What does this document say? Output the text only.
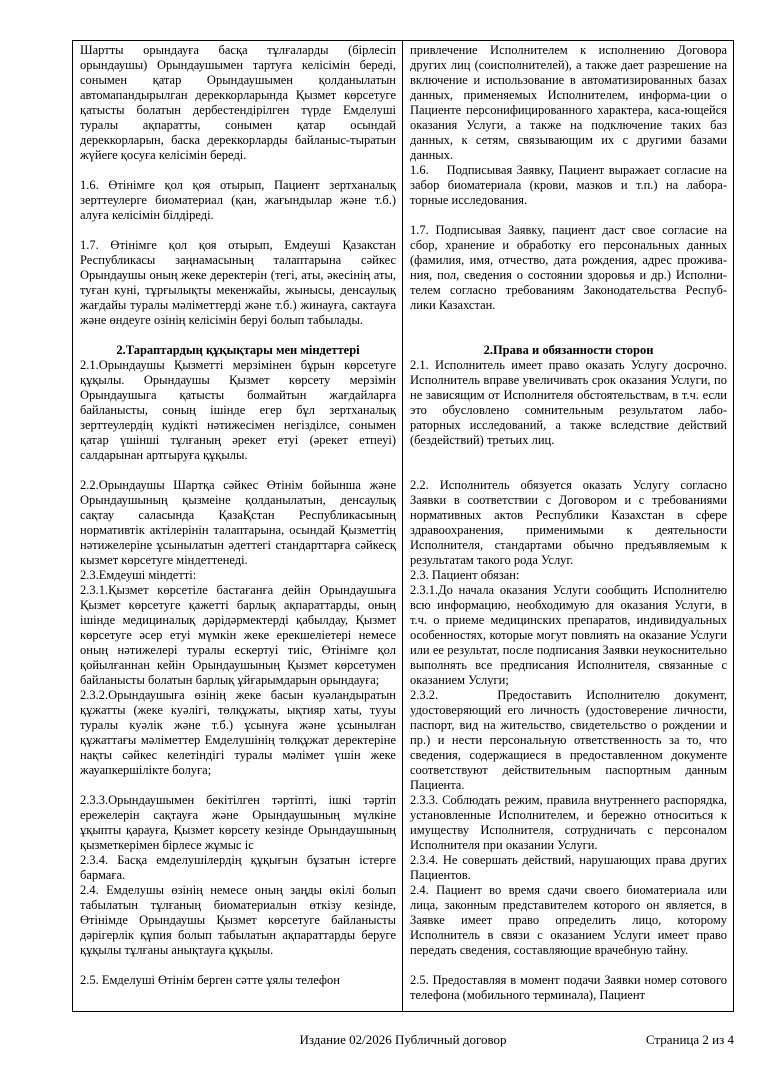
Шартты орындауға басқа тұлғаларды (бірлесіп орындаушы) Орындаушымен тартуға келісімін береді, сонымен қатар Орындаушымен қолданылатын автомапандырылган дереккорларында Қызмет көрсетуге қатысты болатын дербестендірілген түрде Емделуші туралы ақпаратты, сонымен қатар осындай дереккорларын, баска дереккорларды байланыс-тыратын жүйеге қосуға келісімін береді.

1.6. Өтінімге қол қоя отырып, Пациент зертханалық зерттеулерге биоматериал (қан, жағындылар және т.б.) алуға келісімін білдіреді.

1.7. Өтінімге қол қоя отырып, Емдеуші Қазакстан Республикасы заңнамасының талаптарына сәйкес Орындаушы оның жеке деректерін (тегі, аты, әкесінің аты, туған куні, тұрғылықты мекенжайы, жынысы, денсаулық жағдайы туралы мәліметтерді және т.б.) жинауға, сактауға және өндеуге озінің келісімін беруі болып табылады.

2.Тараптардың құқықтары мен міндеттері

2.1.Орындаушы Қызметті мерзімінен бұрын көрсетуге құқылы. Орындаушы Қызмет көрсету мерзімін Орындаушыга қатысты болмайтын жағдайларға байланысты, соның ішінде егер бұл зертханалық зерттеулердің кудікті нәтижесімен негізділсе, сонымен қатар үшінші тұлғаның әрекет етуі (әрекет етпеуі) салдарынан артгыруға құқылы.

2.2.Орындаушы Шартқа сәйкес Өтінім бойынша және Орындаушының қызмеіне қолданылатын, денсаулық сақтау саласында ҚазаҚстан Республикасының нормативтік актілерінін талаптарына, осындай Қызметтің нәтижелеріне ұсынылатын әдеттегі стандарттарға сәйкесқ кызмет көрсетуге міндеттенеді.

2.3.Емдеуші міндетті:

2.3.1.Қызмет көрсетіле бастағанға дейін Орындаушыға Қызмет көрсетуге қажетті барлық ақпараттарды, оның ішінде медициналық дәрідәрмектерді қабылдау, Қызмет көрсетуге әсер етуі мүмкін жеке ерекшеліетері немесе оның нәтижелері туралы ескертуі тиіс, Өтінімге қол қойылғаннан кейін Орындаушының Қызмет көрсетумен байланысты болатын барлық ұйғарымдарын орындауға;

2.3.2.Орындаушыға өзінің жеке басын куәландыратын құжатты (жеке куәлігі, төлқұжаты, ықтияр хаты, тууы туралы куәлік және т.б.) ұсынуға және ұсынылған құжаттағы мәліметтер Емделушінің төлқұжат деректеріне нақты сәйкес келетіндігі туралы мәлімет үшін жеке жауапкершілікте болуға;

2.3.3.Орындаушымен бекітілген тәртіпті, ішкі тәртіп ережелерін сақтауға және Орындаушының мүлкіне ұқыпты қарауға, Қызмет көрсету кезінде Орындаушының қызметкерімен бірлесе жұмыс іс

2.3.4. Басқа емделушілердің құқығын бұзатын істерге бармаға.

2.4. Емделушы өзінің немесе оның заңды өкілі болып табылатын тұлғаның биоматериалын өткізу кезінде, Өтінімде Орындаушы Қызмет көрсетуге байланысты дәрігерлік құпия болып табылатын ақпараттарды беруге құқылы тұлғаны анықтауға құқылы.

2.5. Емделуші Өтінім берген сәтте ұялы телефон

привлечение Исполнителем к исполнению Договора других лиц (соисполнителей), а также дает разрешение на включение и использование в автоматизированных базах данных, применяемых Исполнителем, информа-ции о Пациенте персонифицированного характера, каса-ющейся оказания Услуги, а также на подключение таких баз данных, к сетям, связывающим их с другими базами данных.

1.6.    Подписывая Заявку, Пациент выражает согласие на забор биоматериала (крови, мазков и т.п.) на лабора-торные исследования.

1.7. Подписывая Заявку, пациент даст свое согласие на сбор, хранение и обработку его персональных данных (фамилия, имя, отчество, дата рождения, адрес прожива-ния, пол, сведения о состоянии здоровья и др.) Исполни-телем согласно требованиям Законодательства Респуб-лики Казахстан.

2.Права и обязанности сторон

2.1. Исполнитель имеет право оказать Услугу досрочно. Исполнитель вправе увеличивать срок оказания Услуги, по не зависящим от Исполнителя обстоятельствам, в т.ч. если это обусловлено сомнительным результатом лабо-раторных исследований, а также вследствие действий (бездействий) третьих лиц.

2.2. Исполнитель обязуется оказать Услугу согласно Заявки в соответствии с Договором и с требованиями нормативных актов Республики Казахстан в сфере здравоохранения, применимыми к деятельности Исполнителя, стандартами обычно предъявляемым к результатам такого рода Услуг.

2.3. Пациент обязан:

2.3.1.До начала оказания Услуги сообщить Исполнителю всю информацию, необходимую для оказания Услуги, в т.ч. о приеме медицинских препаратов, индивидуальных особенностях, которые могут повлиять на оказание Услуги или ее результат, после подписания Заявки неукоснительно выполнять все предписания Исполнителя, связанные с оказанием Услуги;

2.3.2.    Предоставить Исполнителю документ, удостоверяющий его личность (удостоверение личности, паспорт, вид на жительство, свидетельство о рождении и пр.) и нести персональную ответственность за то, что сведения, содержащиеся в предоставленном документе соответствуют действительным паспортным данным Пациента.

2.3.3. Соблюдать режим, правила внутреннего распорядка, установленные Исполнителем, и бережно относиться к имуществу Исполнителя, сотрудничать с персоналом Исполнителя при оказании Услуги.

2.3.4. Не совершать действий, нарушающих права других Пациентов.

2.4. Пациент во время сдачи своего биоматериала или лица, законным представителем которого он является, в Заявке имеет право определить лицо, которому Исполнитель в связи с оказанием Услуги имеет право передать сведения, составляющие врачебную тайну.

2.5. Предоставляя в момент подачи Заявки номер сотового телефона (мобильного терминала), Пациент

Издание 02/2026 Публичный договор	Страница 2 из 4
